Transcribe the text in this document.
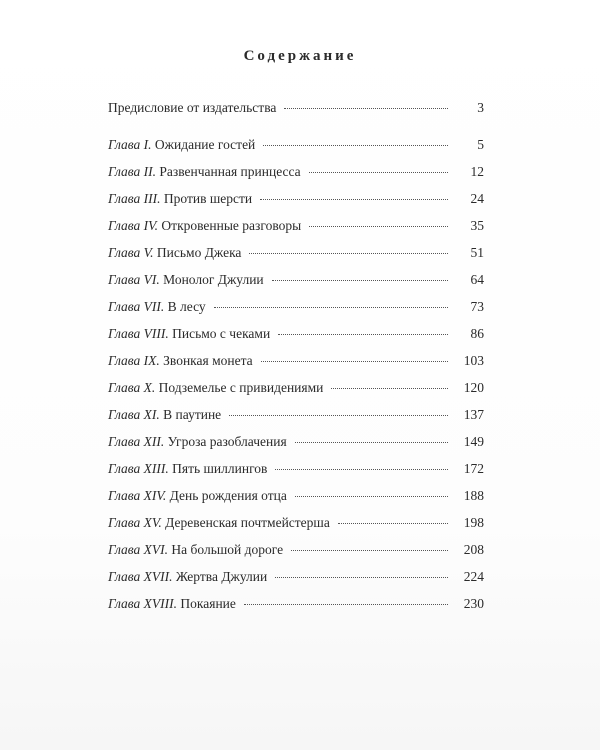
Содержание
Предисловие от издательства	3
Глава I. Ожидание гостей	5
Глава II. Развенчанная принцесса	12
Глава III. Против шерсти	24
Глава IV. Откровенные разговоры	35
Глава V. Письмо Джека	51
Глава VI. Монолог Джулии	64
Глава VII. В лесу	73
Глава VIII. Письмо с чеками	86
Глава IX. Звонкая монета	103
Глава X. Подземелье с привидениями	120
Глава XI. В паутине	137
Глава XII. Угроза разоблачения	149
Глава XIII. Пять шиллингов	172
Глава XIV. День рождения отца	188
Глава XV. Деревенская почтмейстерша	198
Глава XVI. На большой дороге	208
Глава XVII. Жертва Джулии	224
Глава XVIII. Покаяние	230
